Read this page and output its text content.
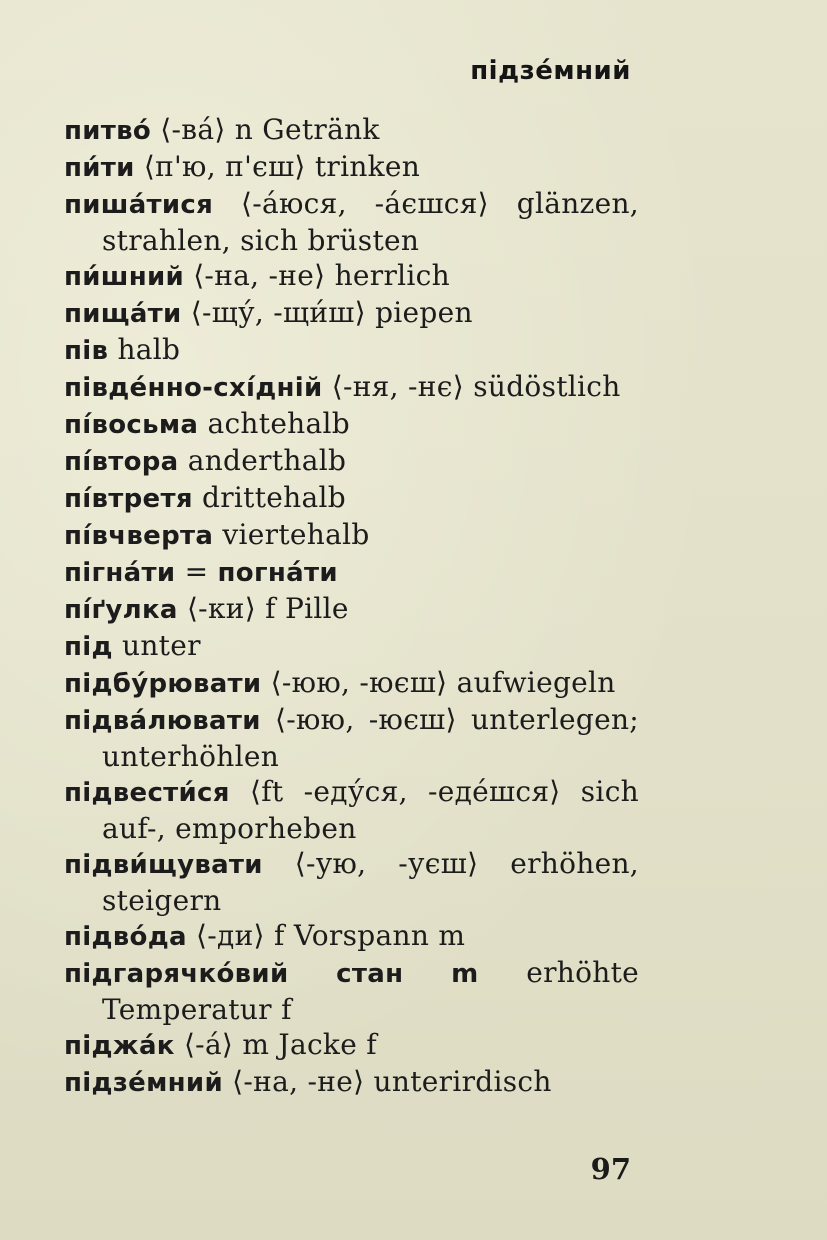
підзе́мний
питво́ ⟨-ва́⟩ n Getränk
пи́ти ⟨п'ю, п'єш⟩ trinken
пиша́тися ⟨-а́юся, -а́єшся⟩ glänzen, strahlen, sich brüsten
пи́шний ⟨-на, -не⟩ herrlich
пища́ти ⟨-щу́, -щи́ш⟩ piepen
пів halb
півде́нно-схі́дній ⟨-ня, -нє⟩ südöstlich
пі́восьма achtehalb
пі́втора anderthalb
пі́втретя drittehalb
пі́вчверта viertehalb
пігна́ти = погна́ти
пі́ґулка ⟨-ки⟩ f Pille
під unter
підбу́рювати ⟨-юю, -юєш⟩ aufwiegeln
підва́лювати ⟨-юю, -юєш⟩ unterlegen; unterhöhlen
підвести́ся ⟨ft -еду́ся, -еде́шся⟩ sich auf-, emporheben
підви́щувати ⟨-ую, -уєш⟩ erhöhen, steigern
підво́да ⟨-ди⟩ f Vorspann m
підгарячко́вий стан m erhöhte Temperatur f
піджа́к ⟨-а́⟩ m Jacke f
підзе́мний ⟨-на, -не⟩ unterirdisch
97
